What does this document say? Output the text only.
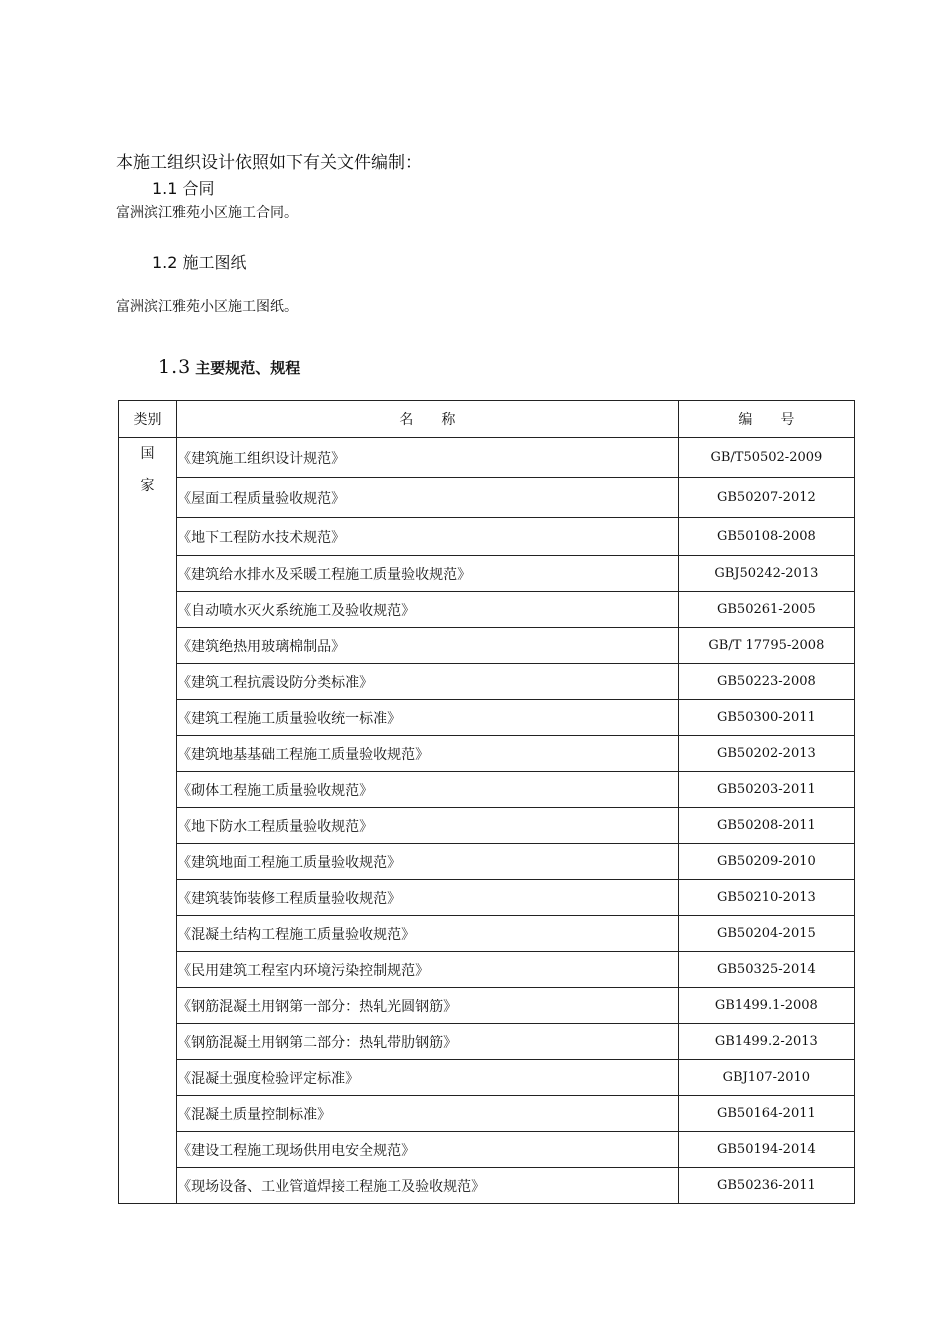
本施工组织设计依照如下有关文件编制：
1.1 合同
富洲滨江雅苑小区施工合同。
1.2 施工图纸
富洲滨江雅苑小区施工图纸。
1.3 主要规范、规程
类别	名　　称	编　　号

国
家	《建筑施工组织设计规范》	GB/T50502-2009
	《屋面工程质量验收规范》	GB50207-2012
	《地下工程防水技术规范》	GB50108-2008
	《建筑给水排水及采暖工程施工质量验收规范》	GBJ50242-2013
	《自动喷水灭火系统施工及验收规范》	GB50261-2005
	《建筑绝热用玻璃棉制品》	GB/T 17795-2008
	《建筑工程抗震设防分类标准》	GB50223-2008
	《建筑工程施工质量验收统一标准》	GB50300-2011
	《建筑地基基础工程施工质量验收规范》	GB50202-2013
	《砌体工程施工质量验收规范》	GB50203-2011
	《地下防水工程质量验收规范》	GB50208-2011
	《建筑地面工程施工质量验收规范》	GB50209-2010
	《建筑装饰装修工程质量验收规范》	GB50210-2013
	《混凝土结构工程施工质量验收规范》	GB50204-2015
	《民用建筑工程室内环境污染控制规范》	GB50325-2014
	《钢筋混凝土用钢第一部分：热轧光圆钢筋》	GB1499.1-2008
	《钢筋混凝土用钢第二部分：热轧带肋钢筋》	GB1499.2-2013
	《混凝土强度检验评定标准》	GBJ107-2010
	《混凝土质量控制标准》	GB50164-2011
	《建设工程施工现场供用电安全规范》	GB50194-2014
	《现场设备、工业管道焊接工程施工及验收规范》	GB50236-2011
